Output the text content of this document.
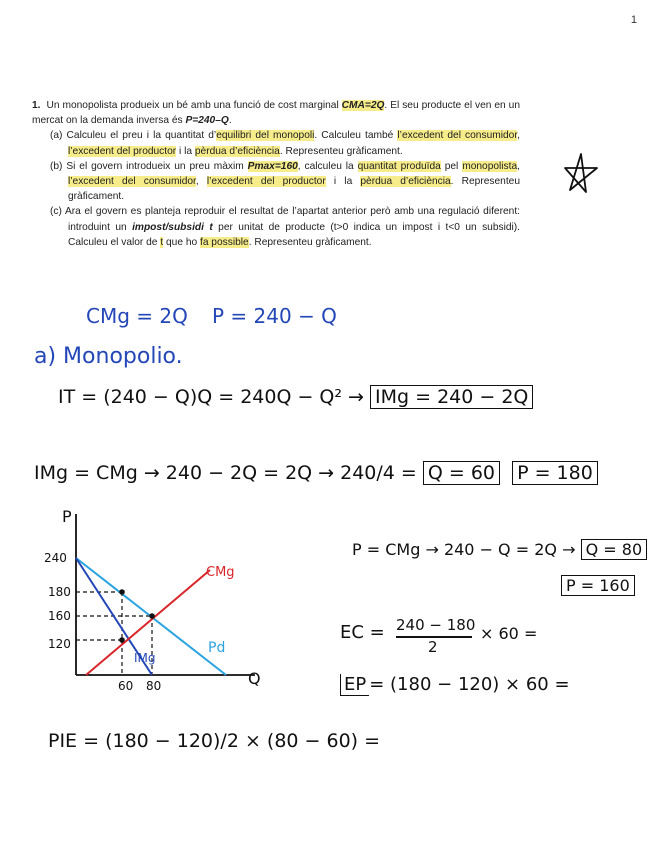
1

1. Un monopolista produeix un bé amb una funció de cost marginal CMA=2Q. El seu producte el ven en un mercat on la demanda inversa és P=240–Q.

(a) Calculeu el preu i la quantitat d’equilibri del monopoli. Calculeu també l’excedent del consumidor, l’excedent del productor i la pèrdua d’eficiència. Representeu gràficament.

(b) Si el govern introdueix un preu màxim Pmax=160, calculeu la quantitat produïda pel monopolista, l’excedent del consumidor, l’excedent del productor i la pèrdua d’eficiència. Representeu gràficament.

(c) Ara el govern es planteja reproduir el resultat de l’apartat anterior però amb una regulació diferent: introduint un impost/subsidi t per unitat de producte (t>0 indica un impost i t<0 un subsidi). Calculeu el valor de t que ho fa possible. Representeu gràficament.

CMg = 2Q P = 240 − Q
a) Monopolio.
IT = (240 − Q)Q = 240Q − Q² → IMg = 240 − 2Q
IMg = CMg → 240 − 2Q = 2Q → 240/4 = Q = 60 P = 180
P = CMg → 240 − Q = 2Q → Q = 80
P = 160
EC = 240 − 180
2
× 60 =
EP = (180 − 120) × 60 =
PIE = (180 − 120)/2 × (80 − 60) =
P
Q
240
180
160
120
60 80
CMg
IMg
Pd
